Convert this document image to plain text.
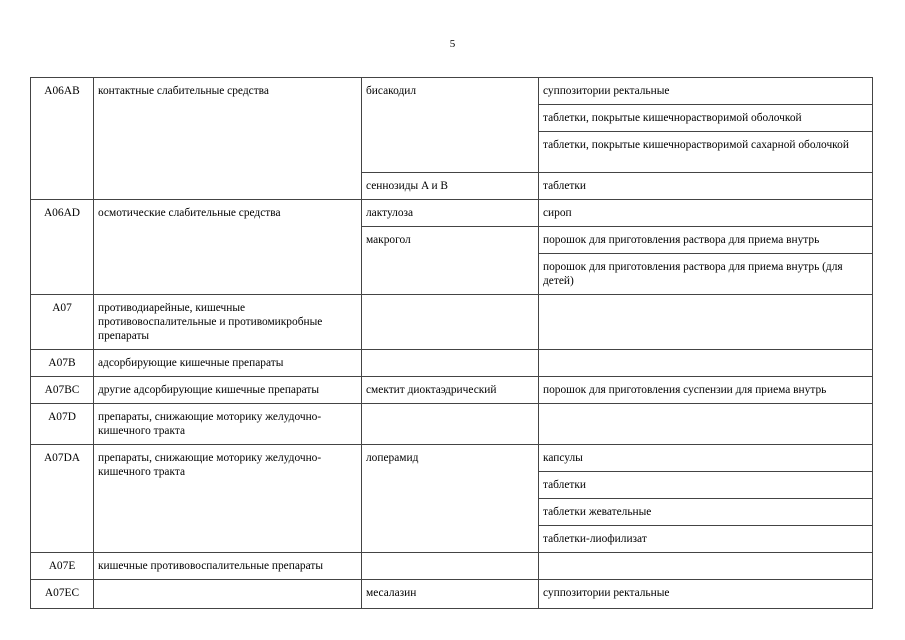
5
A06AB	контактные слабительные средства	бисакодил	суппозитории ректальные
			таблетки, покрытые кишечнорастворимой оболочкой
			таблетки, покрытые кишечнорастворимой сахарной оболочкой
		сеннозиды A и B	таблетки
A06AD	осмотические слабительные средства	лактулоза	сироп
		макрогол	порошок для приготовления раствора для приема внутрь
			порошок для приготовления раствора для приема внутрь (для детей)
A07	противодиарейные, кишечные противовоспалительные и противомикробные препараты		
A07B	адсорбирующие кишечные препараты		
A07BC	другие адсорбирующие кишечные препараты	смектит диоктаэдрический	порошок для приготовления суспензии для приема внутрь
A07D	препараты, снижающие моторику желудочно-кишечного тракта		
A07DA	препараты, снижающие моторику желудочно-кишечного тракта	лоперамид	капсулы
			таблетки
			таблетки жевательные
			таблетки-лиофилизат
A07E	кишечные противовоспалительные препараты		
A07EC		месалазин	суппозитории ректальные
